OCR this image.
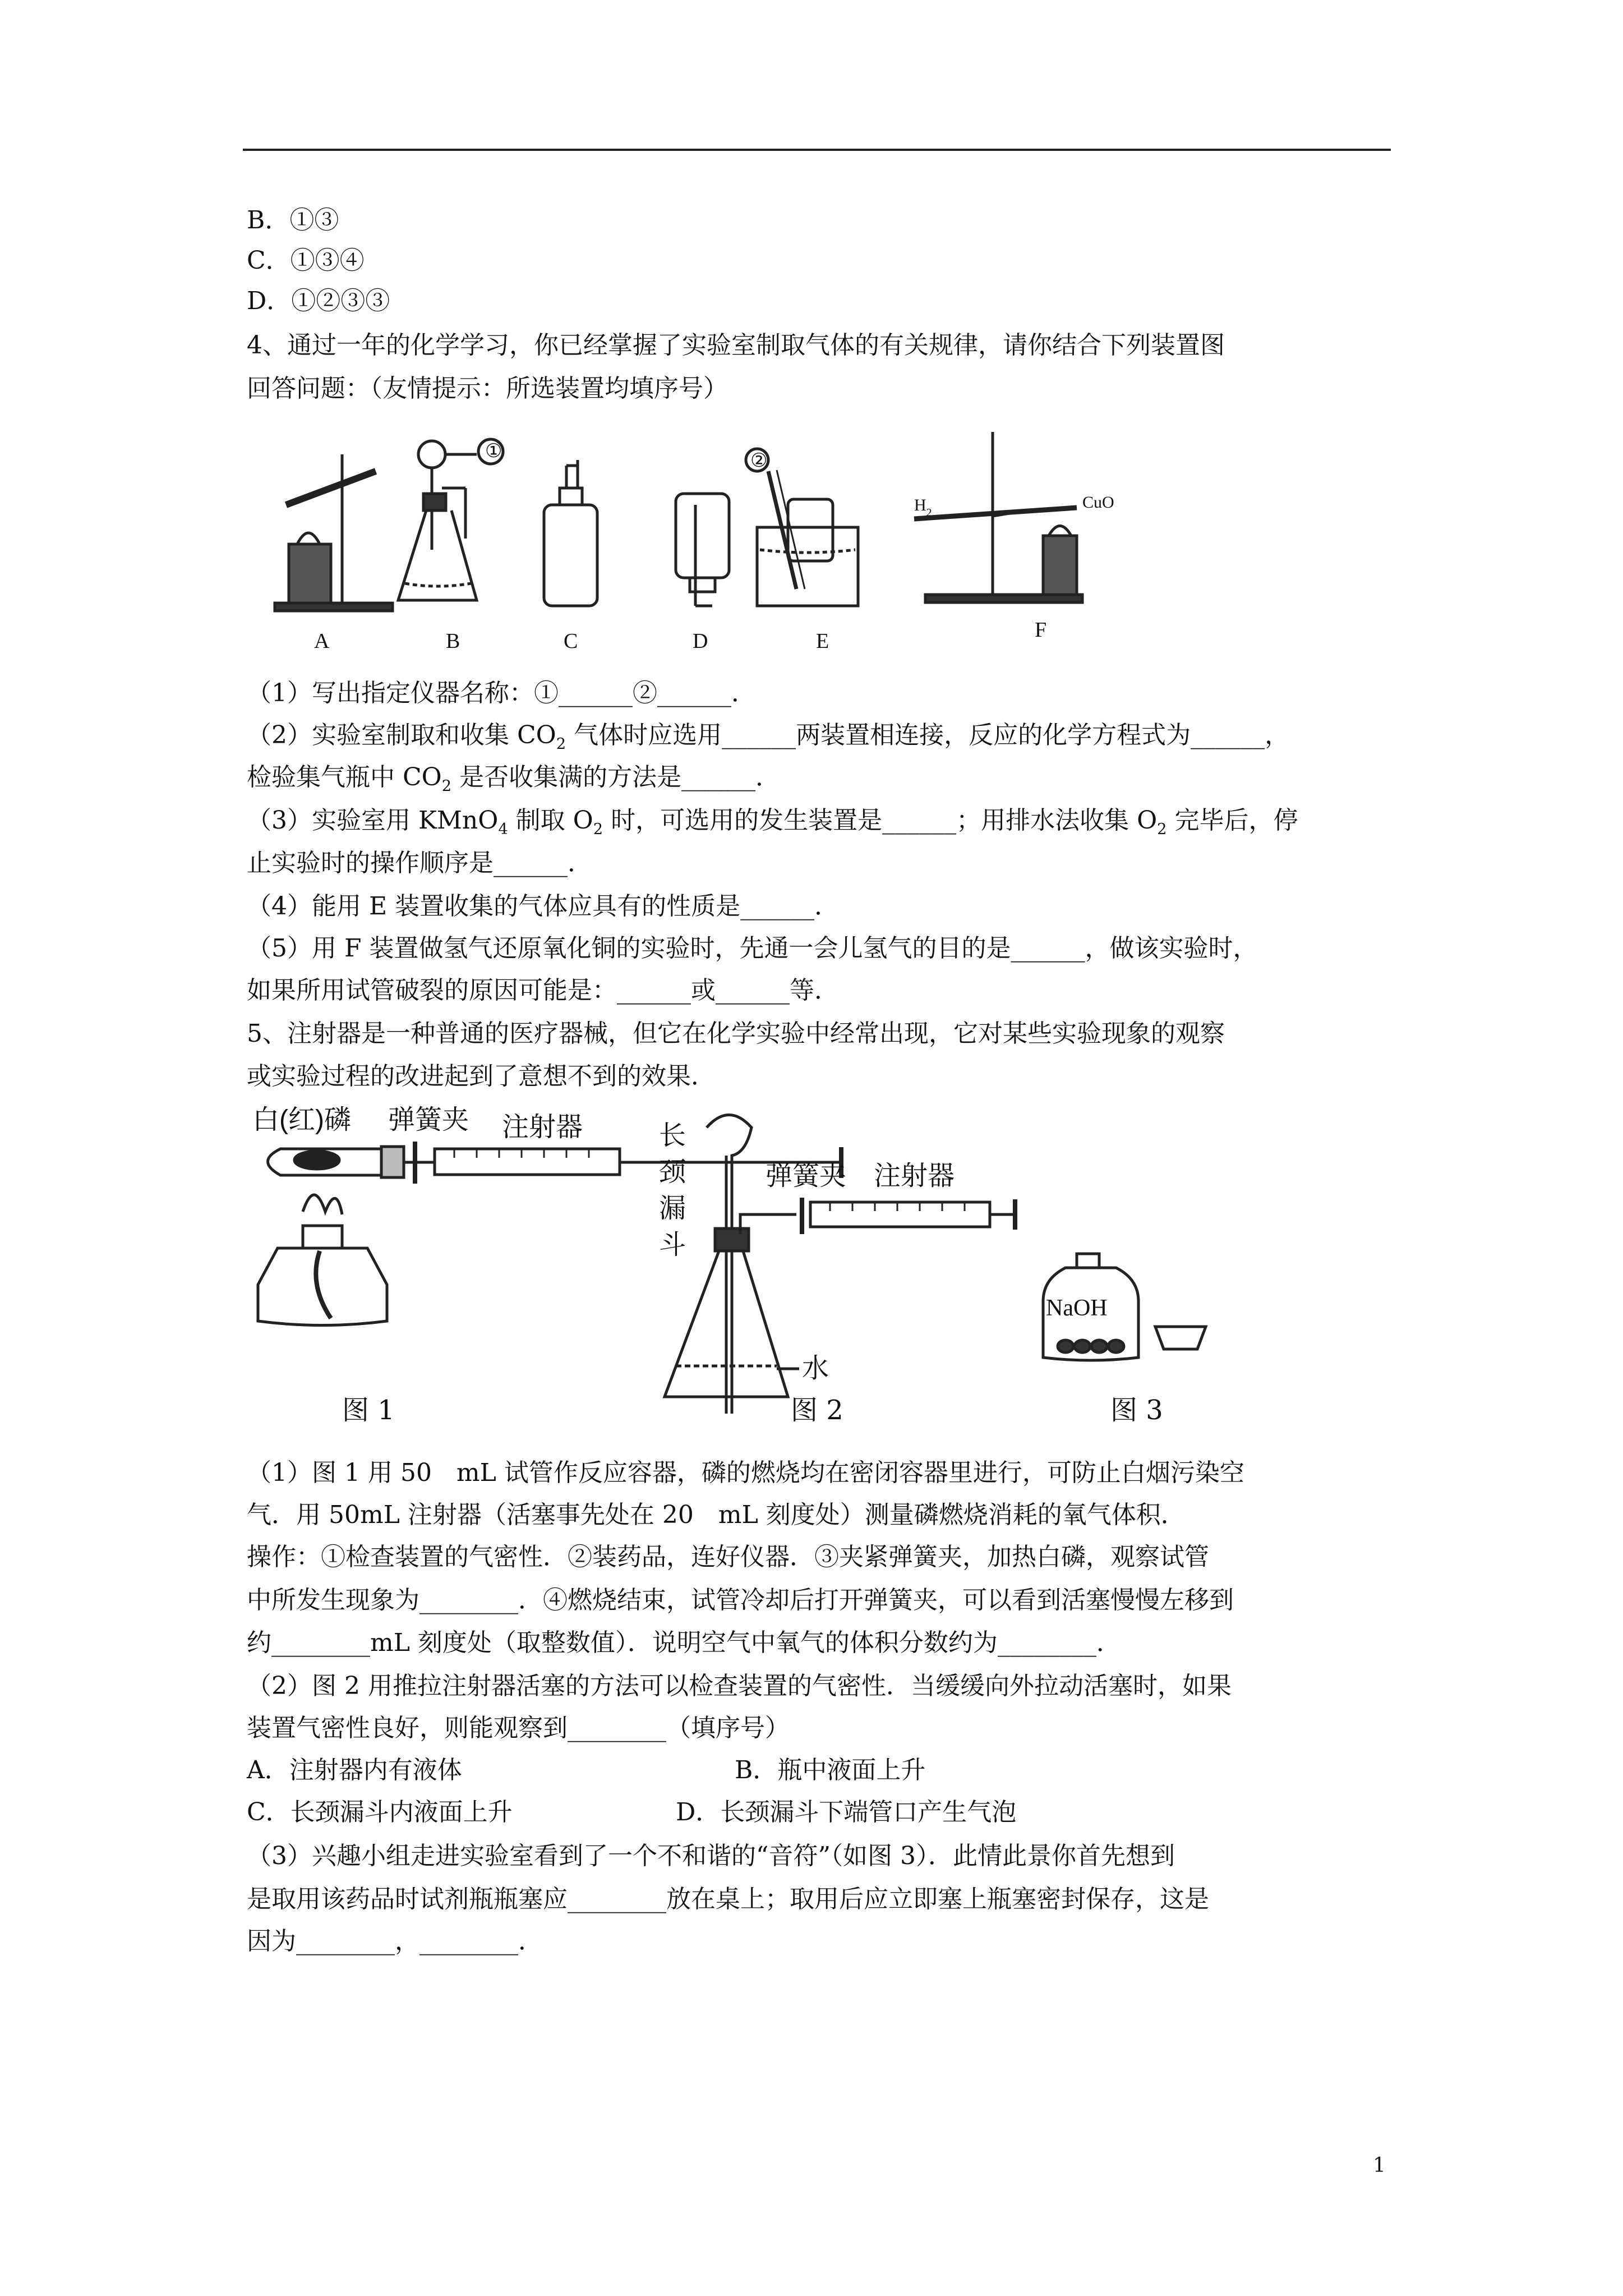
B．①③
C．①③④
D．①②③③
4、通过一年的化学学习，你已经掌握了实验室制取气体的有关规律，请你结合下列装置图
回答问题：（友情提示：所选装置均填序号）
①	②
$H_2$
CuO
A	B	C	D	E	F
（1）写出指定仪器名称：①______②______．
（2）实验室制取和收集 $CO_2$ 气体时应选用______两装置相连接，反应的化学方程式为______，
检验集气瓶中 $CO_2$ 是否收集满的方法是______．
（3）实验室用 KMnO$_4$ 制取 $O_2$ 时，可选用的发生装置是______；用排水法收集 $O_2$ 完毕后，停
止实验时的操作顺序是______．
（4）能用 E 装置收集的气体应具有的性质是______．
（5）用 F 装置做氢气还原氧化铜的实验时，先通一会儿氢气的目的是______，做该实验时，
如果所用试管破裂的原因可能是：______或______等．
5、注射器是一种普通的医疗器械，但它在化学实验中经常出现，它对某些实验现象的观察
或实验过程的改进起到了意想不到的效果．
白(红)磷 弹簧夹 注射器
图 1
长
颈
漏
斗
弹簧夹 注射器
水
图 2
NaOH
图 3
（1）图 1 用 50　mL 试管作反应容器，磷的燃烧均在密闭容器里进行，可防止白烟污染空
气．用 50mL 注射器（活塞事先处在 20　mL 刻度处）测量磷燃烧消耗的氧气体积．
操作：①检查装置的气密性．②装药品，连好仪器．③夹紧弹簧夹，加热白磷，观察试管
中所发生现象为________．④燃烧结束，试管冷却后打开弹簧夹，可以看到活塞慢慢左移到
约________mL 刻度处（取整数值）．说明空气中氧气的体积分数约为________．
（2）图 2 用推拉注射器活塞的方法可以检查装置的气密性．当缓缓向外拉动活塞时，如果
装置气密性良好，则能观察到________（填序号）
A．注射器内有液体	B．瓶中液面上升
C．长颈漏斗内液面上升	D．长颈漏斗下端管口产生气泡
（3）兴趣小组走进实验室看到了一个不和谐的“音符”（如图 3）．此情此景你首先想到
是取用该药品时试剂瓶瓶塞应________放在桌上；取用后应立即塞上瓶塞密封保存，这是
因为________，________．
1
